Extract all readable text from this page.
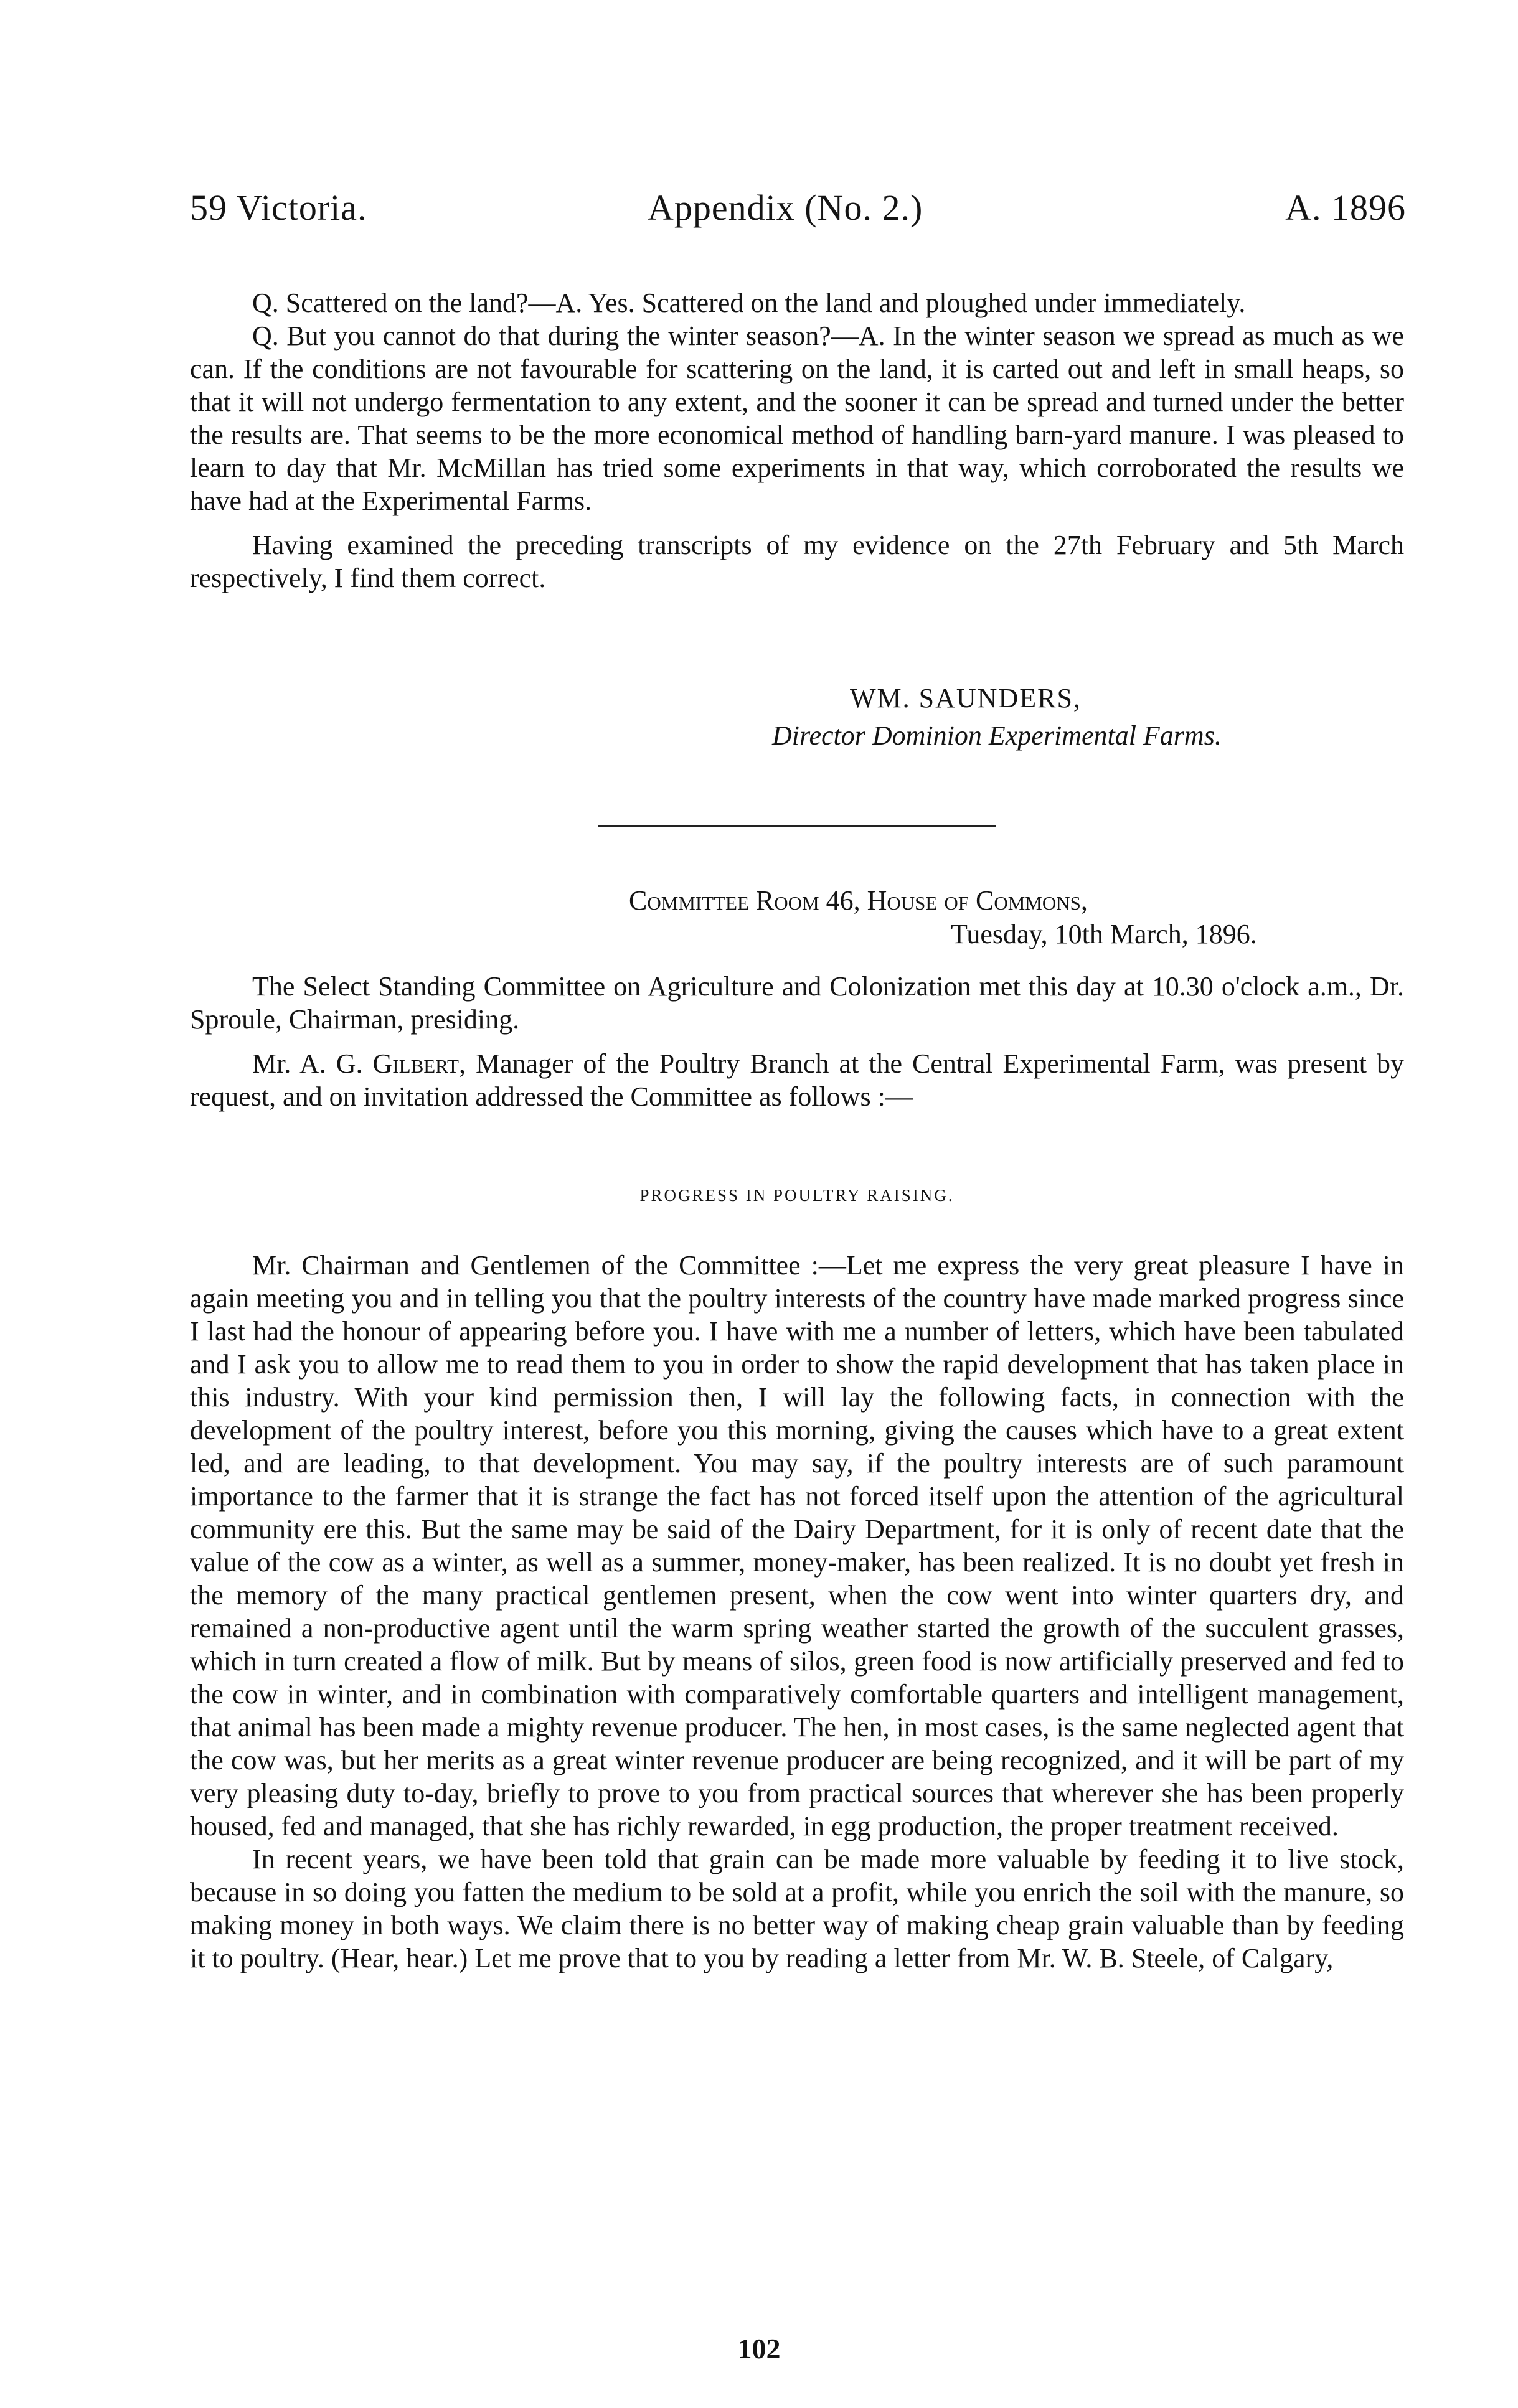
59 Victoria.	Appendix (No. 2.)	A. 1896

Q. Scattered on the land?—A. Yes. Scattered on the land and ploughed under immediately.

Q. But you cannot do that during the winter season?—A. In the winter season we spread as much as we can. If the conditions are not favourable for scattering on the land, it is carted out and left in small heaps, so that it will not undergo fermentation to any extent, and the sooner it can be spread and turned under the better the results are. That seems to be the more economical method of handling barn-yard manure. I was pleased to learn to day that Mr. McMillan has tried some experiments in that way, which corroborated the results we have had at the Experimental Farms.

Having examined the preceding transcripts of my evidence on the 27th February and 5th March respectively, I find them correct.

WM. SAUNDERS,
Director Dominion Experimental Farms.
Committee Room 46, House of Commons,
Tuesday, 10th March, 1896.

The Select Standing Committee on Agriculture and Colonization met this day at 10.30 o'clock a.m., Dr. Sproule, Chairman, presiding.

Mr. A. G. Gilbert, Manager of the Poultry Branch at the Central Experimental Farm, was present by request, and on invitation addressed the Committee as follows :—

PROGRESS IN POULTRY RAISING.

Mr. Chairman and Gentlemen of the Committee :—Let me express the very great pleasure I have in again meeting you and in telling you that the poultry interests of the country have made marked progress since I last had the honour of appearing before you. I have with me a number of letters, which have been tabulated and I ask you to allow me to read them to you in order to show the rapid development that has taken place in this industry. With your kind permission then, I will lay the following facts, in connection with the development of the poultry interest, before you this morning, giving the causes which have to a great extent led, and are leading, to that development. You may say, if the poultry interests are of such paramount importance to the farmer that it is strange the fact has not forced itself upon the attention of the agricultural community ere this. But the same may be said of the Dairy Department, for it is only of recent date that the value of the cow as a winter, as well as a summer, money-maker, has been realized. It is no doubt yet fresh in the memory of the many practical gentlemen present, when the cow went into winter quarters dry, and remained a non-productive agent until the warm spring weather started the growth of the succulent grasses, which in turn created a flow of milk. But by means of silos, green food is now artificially preserved and fed to the cow in winter, and in combination with comparatively comfortable quarters and intelligent management, that animal has been made a mighty revenue producer. The hen, in most cases, is the same neglected agent that the cow was, but her merits as a great winter revenue producer are being recognized, and it will be part of my very pleasing duty to-day, briefly to prove to you from practical sources that wherever she has been properly housed, fed and managed, that she has richly rewarded, in egg production, the proper treatment received.

In recent years, we have been told that grain can be made more valuable by feeding it to live stock, because in so doing you fatten the medium to be sold at a profit, while you enrich the soil with the manure, so making money in both ways. We claim there is no better way of making cheap grain valuable than by feeding it to poultry. (Hear, hear.) Let me prove that to you by reading a letter from Mr. W. B. Steele, of Calgary,

102
